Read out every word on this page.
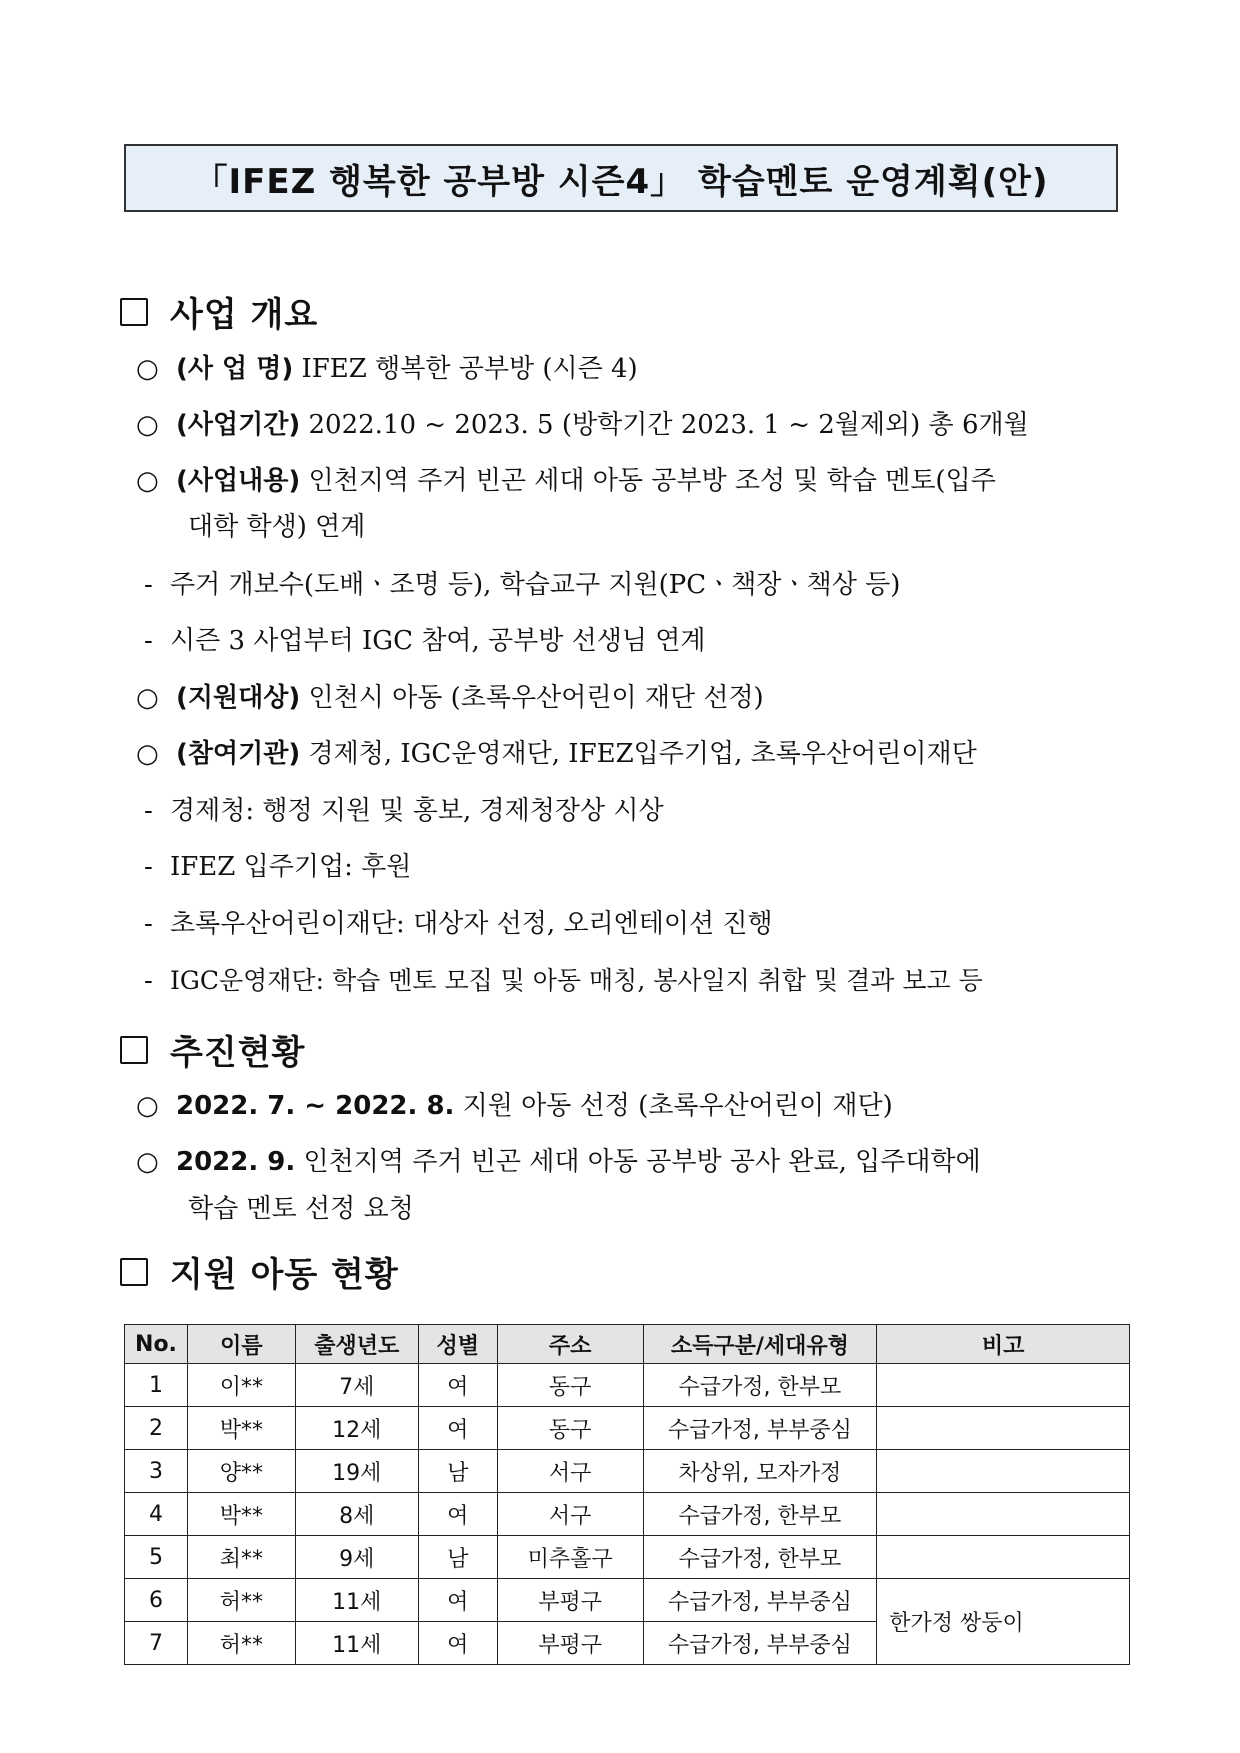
「IFEZ 행복한 공부방 시즌4」 학습멘토 운영계획(안)
사업 개요
○ (사 업 명) IFEZ 행복한 공부방 (시즌 4)
○ (사업기간) 2022.10 ~ 2023. 5 (방학기간 2023. 1 ~ 2월제외) 총 6개월
○ (사업내용) 인천지역 주거 빈곤 세대 아동 공부방 조성 및 학습 멘토(입주
대학 학생) 연계
- 주거 개보수(도배ㆍ조명 등), 학습교구 지원(PCㆍ책장ㆍ책상 등)
- 시즌 3 사업부터 IGC 참여, 공부방 선생님 연계
○ (지원대상) 인천시 아동 (초록우산어린이 재단 선정)
○ (참여기관) 경제청, IGC운영재단, IFEZ입주기업, 초록우산어린이재단
- 경제청: 행정 지원 및 홍보, 경제청장상 시상
- IFEZ 입주기업: 후원
- 초록우산어린이재단: 대상자 선정, 오리엔테이션 진행
- IGC운영재단: 학습 멘토 모집 및 아동 매칭, 봉사일지 취합 및 결과 보고 등
추진현황
○ 2022. 7. ~ 2022. 8. 지원 아동 선정 (초록우산어린이 재단)
○ 2022. 9. 인천지역 주거 빈곤 세대 아동 공부방 공사 완료, 입주대학에
학습 멘토 선정 요청
지원 아동 현황
No.	이름	출생년도	성별	주소	소득구분/세대유형	비고
1	이**	7세	여	동구	수급가정, 한부모	
2	박**	12세	여	동구	수급가정, 부부중심	
3	양**	19세	남	서구	차상위, 모자가정	
4	박**	8세	여	서구	수급가정, 한부모	
5	최**	9세	남	미추홀구	수급가정, 한부모	
6	허**	11세	여	부평구	수급가정, 부부중심	한가정 쌍둥이
7	허**	11세	여	부평구	수급가정, 부부중심	
